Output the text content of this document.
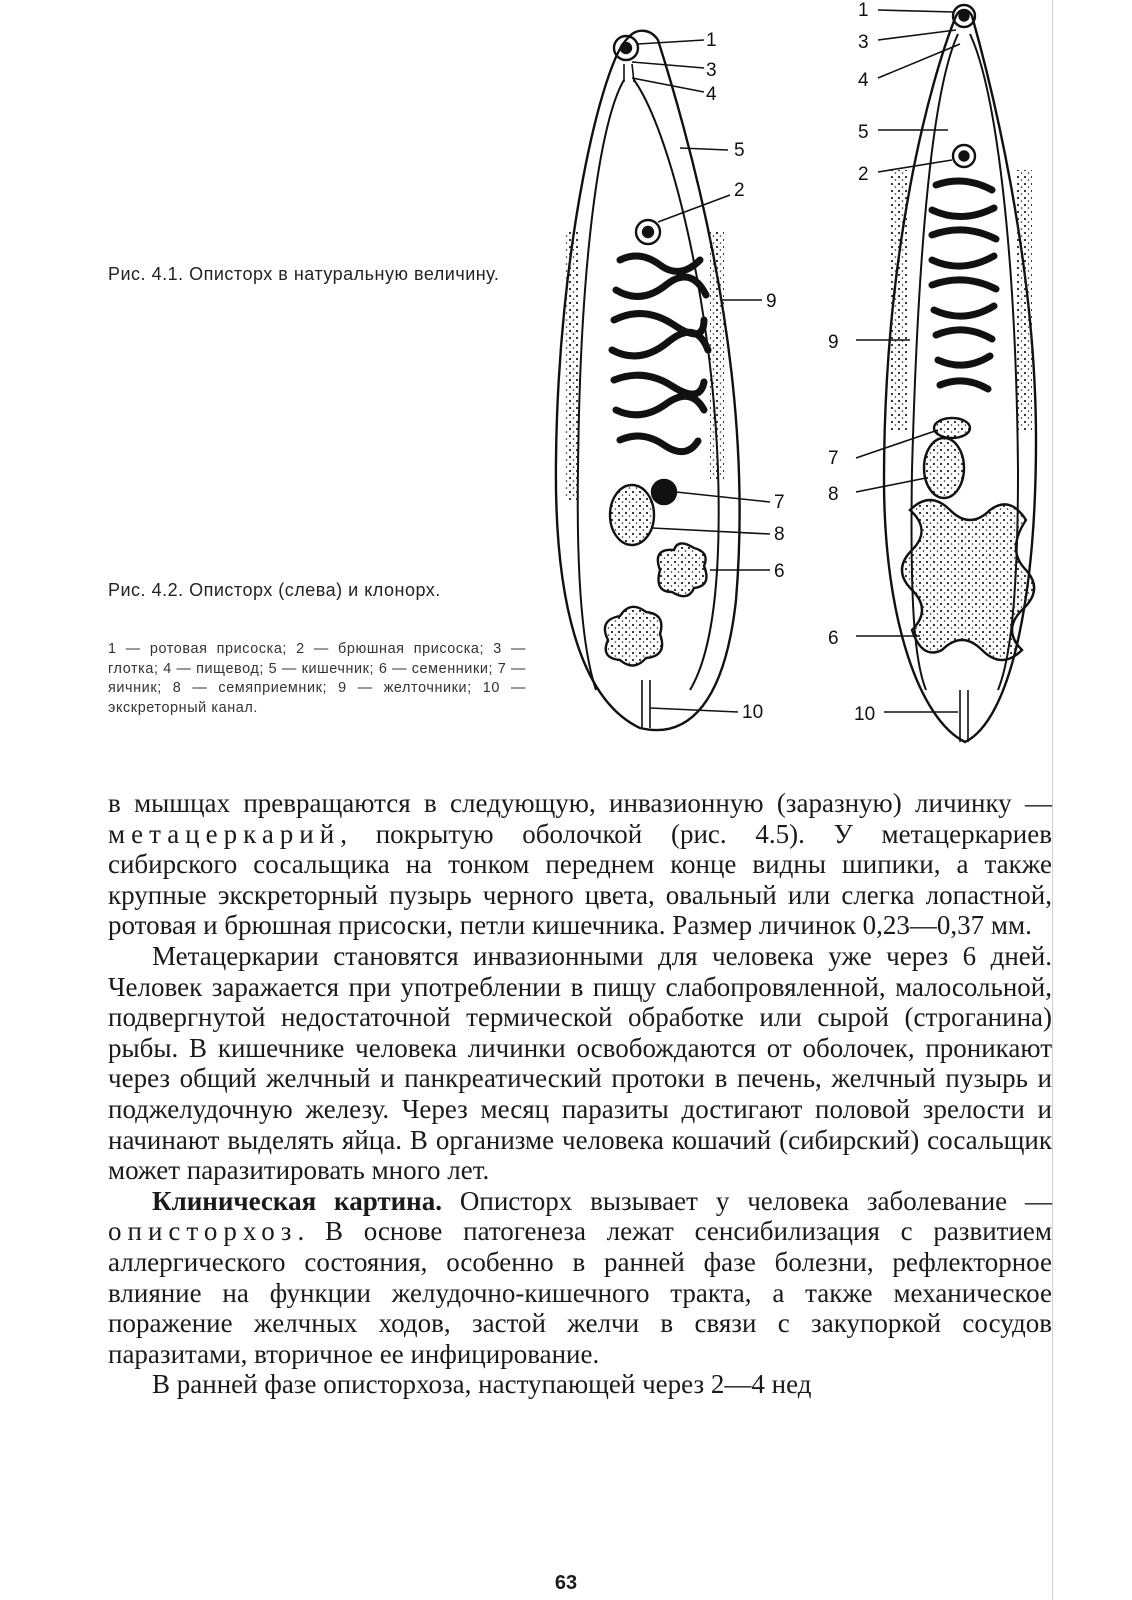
Рис. 4.1. Описторх в натуральную величину.
Рис. 4.2. Описторх (слева) и клонорх.
1 — ротовая присоска; 2 — брюшная присоска; 3 — глотка; 4 — пищевод; 5 — кишечник; 6 — семенники; 7 — яичник; 8 — семяприемник; 9 — желточники; 10 — экскреторный канал.
1
3
4
5
2
9
7
8
6
10
1
3
4
5
2
9
7
8
6
10

в мышцах превращаются в следующую, инвазионную (заразную) личинку — метацеркарий, покрытую оболочкой (рис. 4.5). У метацеркариев сибирского сосальщика на тонком переднем конце видны шипики, а также крупные экскреторный пузырь черного цвета, овальный или слегка лопастной, ротовая и брюшная присоски, петли кишечника. Размер личинок 0,23—0,37 мм.

Метацеркарии становятся инвазионными для человека уже через 6 дней. Человек заражается при употреблении в пищу слабопровяленной, малосольной, подвергнутой недостаточной термической обработке или сырой (строганина) рыбы. В кишечнике человека личинки освобождаются от оболочек, проникают через общий желчный и панкреатический протоки в печень, желчный пузырь и поджелудочную железу. Через месяц паразиты достигают половой зрелости и начинают выделять яйца. В организме человека кошачий (сибирский) сосальщик может паразитировать много лет.

Клиническая картина. Описторх вызывает у человека заболевание — описторхоз. В основе патогенеза лежат сенсибилизация с развитием аллергического состояния, особенно в ранней фазе болезни, рефлекторное влияние на функции желудочно-кишечного тракта, а также механическое поражение желчных ходов, застой желчи в связи с закупоркой сосудов паразитами, вторичное ее инфицирование.

В ранней фазе описторхоза, наступающей через 2—4 нед

63
